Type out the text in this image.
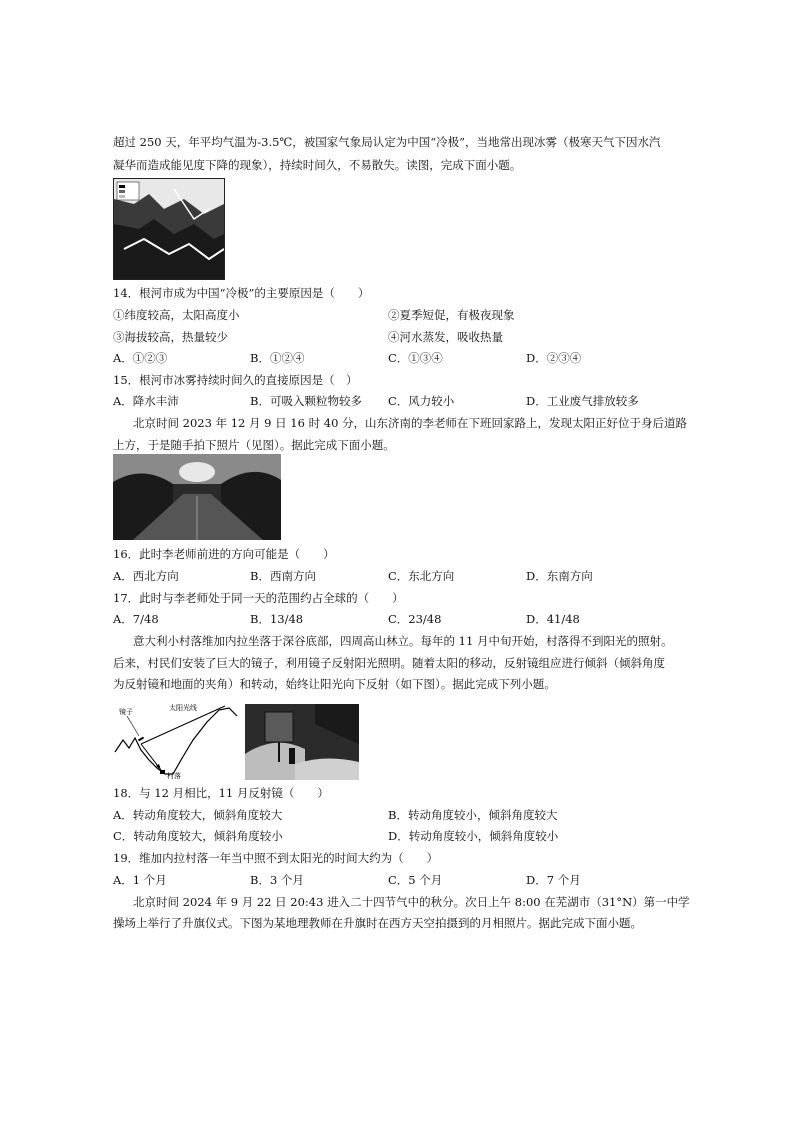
超过 250 天，年平均气温为-3.5℃，被国家气象局认定为中国“冷极”，当地常出现冰雾（极寒天气下因水汽
凝华而造成能见度下降的现象），持续时间久，不易散失。读图，完成下面小题。
14．根河市成为中国“冷极”的主要原因是（　　）
①纬度较高，太阳高度小	②夏季短促，有极夜现象
③海拔较高，热量较少	④河水蒸发，吸收热量
A．①②③	B．①②④	C．①③④	D．②③④
15．根河市冰雾持续时间久的直接原因是（　）
A．降水丰沛	B．可吸入颗粒物较多 C．风力较小	D．工业废气排放较多
北京时间 2023 年 12 月 9 日 16 时 40 分，山东济南的李老师在下班回家路上，发现太阳正好位于身后道路
上方，于是随手拍下照片（见图）。据此完成下面小题。
16．此时李老师前进的方向可能是（　　）
A．西北方向	B．西南方向	C．东北方向	D．东南方向
17．此时与李老师处于同一天的范围约占全球的（　　）
A．7/48	B．13/48	C．23/48	D．41/48
意大利小村落维加内拉坐落于深谷底部，四周高山林立。每年的 11 月中旬开始，村落得不到阳光的照射。
后来，村民们安装了巨大的镜子，利用镜子反射阳光照明。随着太阳的移动，反射镜组应进行倾斜（倾斜角度
为反射镜和地面的夹角）和转动，始终让阳光向下反射（如下图）。据此完成下列小题。
镜子	太阳光线
村落
18．与 12 月相比，11 月反射镜（　　）
A．转动角度较大，倾斜角度较大	B．转动角度较小，倾斜角度较大
C．转动角度较大，倾斜角度较小	D．转动角度较小，倾斜角度较小
19．维加内拉村落一年当中照不到太阳光的时间大约为（　　）
A．1 个月	B．3 个月	C．5 个月	D．7 个月
北京时间 2024 年 9 月 22 日 20:43 进入二十四节气中的秋分。次日上午 8:00 在芜湖市（31°N）第一中学
操场上举行了升旗仪式。下图为某地理教师在升旗时在西方天空拍摄到的月相照片。据此完成下面小题。
